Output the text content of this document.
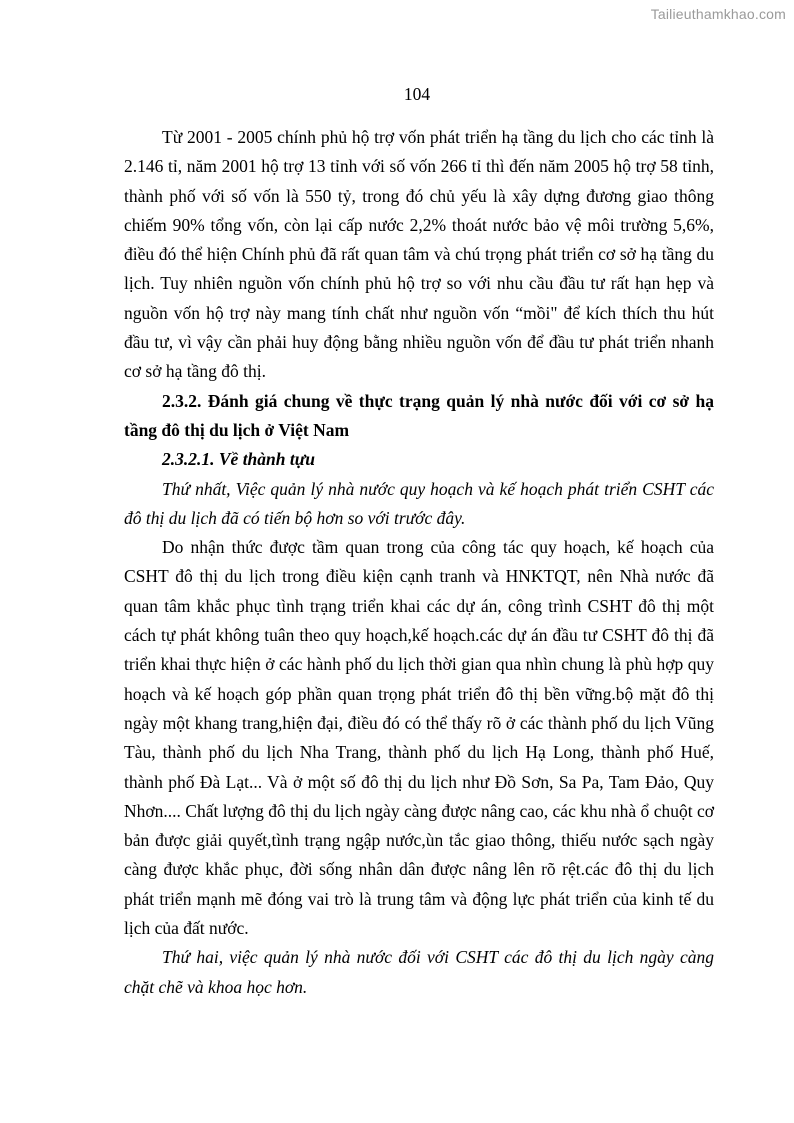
Tailieuthamkhao.com
104

Từ 2001 - 2005 chính phủ hộ trợ vốn phát triển hạ tầng du lịch cho các tỉnh là 2.146 tỉ, năm 2001 hộ trợ 13 tỉnh với số vốn 266 tỉ thì đến năm 2005 hộ trợ 58 tỉnh, thành phố với số vốn là 550 tỷ, trong đó chủ yếu là xây dựng đương giao thông chiếm 90% tổng vốn, còn lại cấp nước 2,2% thoát nước bảo vệ môi trường 5,6%, điều đó thể hiện Chính phủ đã rất quan tâm và chú trọng phát triển cơ sở hạ tầng du lịch. Tuy nhiên nguồn vốn chính phủ hộ trợ so với nhu cầu đầu tư rất hạn hẹp và nguồn vốn hộ trợ này mang tính chất như nguồn vốn “mồi" để kích thích thu hút đầu tư, vì vậy cần phải huy động bằng nhiều nguồn vốn để đầu tư phát triển nhanh cơ sở hạ tầng đô thị.

2.3.2. Đánh giá chung về thực trạng quản lý nhà nước đối với cơ sở hạ tầng đô thị du lịch ở Việt Nam

2.3.2.1. Về thành tựu

Thứ nhất, Việc quản lý nhà nước quy hoạch và kế hoạch phát triển CSHT các đô thị du lịch đã có tiến bộ hơn so với trước đây.

Do nhận thức được tầm quan trong của công tác quy hoạch, kế hoạch của CSHT đô thị du lịch trong điều kiện cạnh tranh và HNKTQT, nên Nhà nước đã quan tâm khắc phục tình trạng triển khai các dự án, công trình CSHT đô thị một cách tự phát không tuân theo quy hoạch,kế hoạch.các dự án đầu tư CSHT đô thị đã triển khai thực hiện ở các hành phố du lịch thời gian qua nhìn chung là phù hợp quy hoạch và kế hoạch góp phần quan trọng phát triển đô thị bền vững.bộ mặt đô thị ngày một khang trang,hiện đại, điều đó có thể thấy rõ ở các thành phố du lịch Vũng Tàu, thành phố du lịch Nha Trang, thành phố du lịch Hạ Long, thành phố Huế, thành phố Đà Lạt... Và ở một số đô thị du lịch như Đồ Sơn, Sa Pa, Tam Đảo, Quy Nhơn.... Chất lượng đô thị du lịch ngày càng được nâng cao, các khu nhà ổ chuột cơ bản được giải quyết,tình trạng ngập nước,ùn tắc giao thông, thiếu nước sạch ngày càng được khắc phục, đời sống nhân dân được nâng lên rõ rệt.các đô thị du lịch phát triển mạnh mẽ đóng vai trò là trung tâm và động lực phát triển của kinh tế du lịch của đất nước.

Thứ hai, việc quản lý nhà nước đối với CSHT các đô thị du lịch ngày càng chặt chẽ và khoa học hơn.
